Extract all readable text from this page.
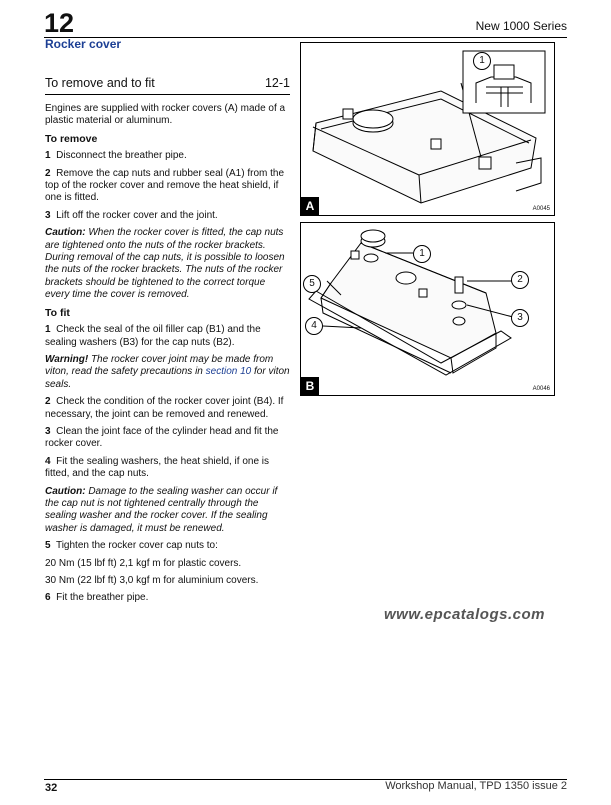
12	New 1000 Series
Rocker cover
To remove and to fit	12-1

Engines are supplied with rocker covers (A) made of a plastic material or aluminum.

To remove

1 Disconnect the breather pipe.

2 Remove the cap nuts and rubber seal (A1) from the top of the rocker cover and remove the heat shield, if one is fitted.

3 Lift off the rocker cover and the joint.

Caution: When the rocker cover is fitted, the cap nuts are tightened onto the nuts of the rocker brackets. During removal of the cap nuts, it is possible to loosen the nuts of the rocker brackets. The nuts of the rocker brackets should be tightened to the correct torque every time the cover is removed.

To fit

1 Check the seal of the oil filler cap (B1) and the sealing washers (B3) for the cap nuts (B2).

Warning! The rocker cover joint may be made from viton, read the safety precautions in section 10 for viton seals.

2 Check the condition of the rocker cover joint (B4). If necessary, the joint can be removed and renewed.

3 Clean the joint face of the cylinder head and fit the rocker cover.

4 Fit the sealing washers, the heat shield, if one is fitted, and the cap nuts.

Caution: Damage to the sealing washer can occur if the cap nut is not tightened centrally through the sealing washer and the rocker cover. If the sealing washer is damaged, it must be renewed.

5 Tighten the rocker cover cap nuts to:

20 Nm (15 lbf ft) 2,1 kgf m for plastic covers.

30 Nm (22 lbf ft) 3,0 kgf m for aluminium covers.

6 Fit the breather pipe.

1
A	A0045
1
2
3
4
5
B	A0046
www.epcatalogs.com
32	Workshop Manual, TPD 1350 issue 2
